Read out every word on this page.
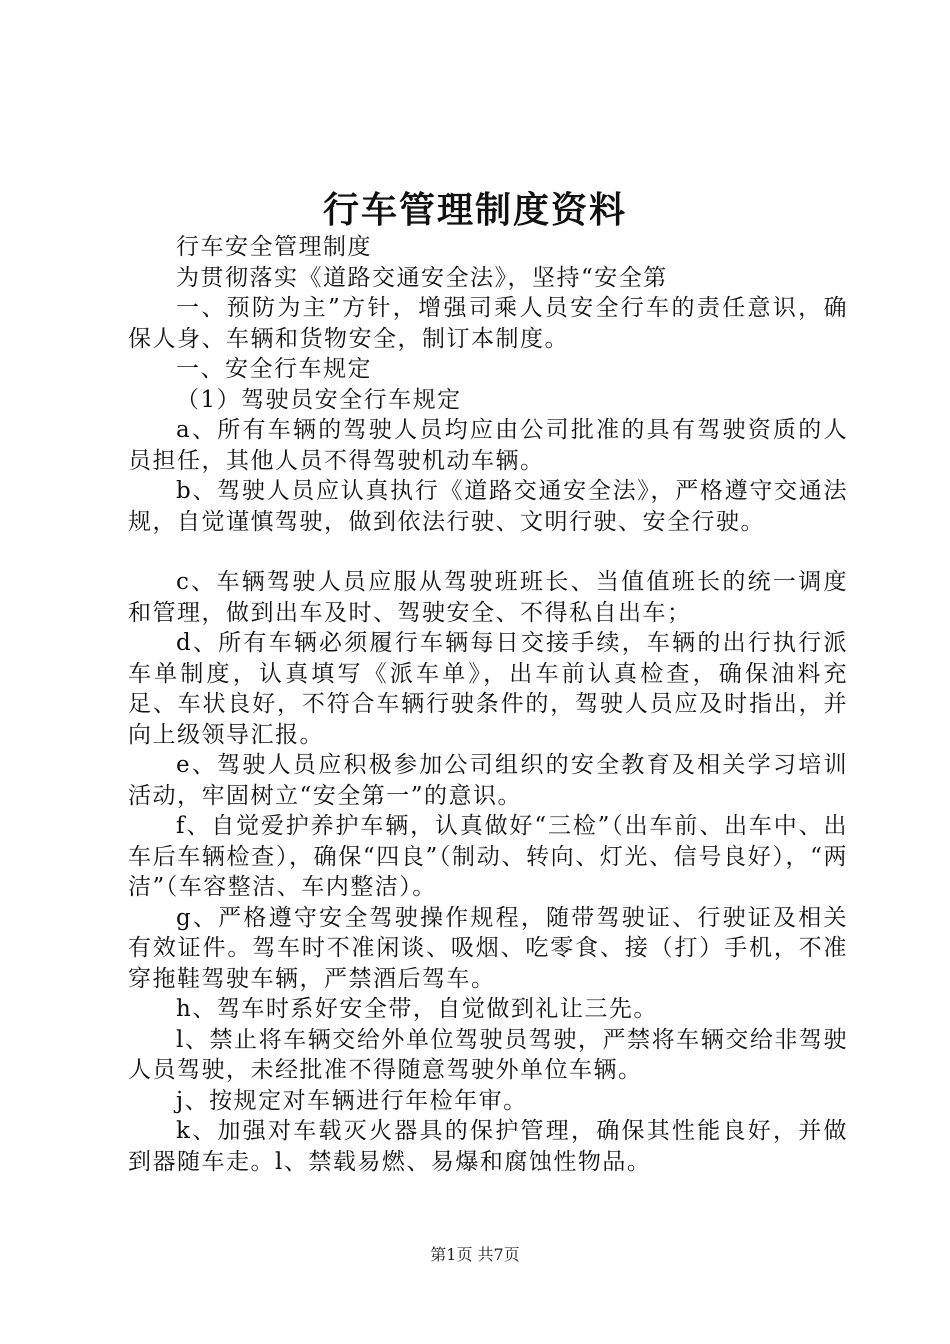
行车管理制度资料

行车安全管理制度

为贯彻落实《道路交通安全法》，坚持“安全第

一、预防为主”方针，增强司乘人员安全行车的责任意识，确保人身、车辆和货物安全，制订本制度。

一、安全行车规定

（1）驾驶员安全行车规定

a、所有车辆的驾驶人员均应由公司批准的具有驾驶资质的人员担任，其他人员不得驾驶机动车辆。

b、驾驶人员应认真执行《道路交通安全法》，严格遵守交通法规，自觉谨慎驾驶，做到依法行驶、文明行驶、安全行驶。

c、车辆驾驶人员应服从驾驶班班长、当值值班长的统一调度和管理，做到出车及时、驾驶安全、不得私自出车；

d、所有车辆必须履行车辆每日交接手续，车辆的出行执行派车单制度，认真填写《派车单》，出车前认真检查，确保油料充足、车状良好，不符合车辆行驶条件的，驾驶人员应及时指出，并向上级领导汇报。

e、驾驶人员应积极参加公司组织的安全教育及相关学习培训活动，牢固树立“安全第一”的意识。

f、自觉爱护养护车辆，认真做好“三检”（出车前、出车中、出车后车辆检查），确保“四良”（制动、转向、灯光、信号良好），“两洁”（车容整洁、车内整洁）。

g、严格遵守安全驾驶操作规程，随带驾驶证、行驶证及相关有效证件。驾车时不准闲谈、吸烟、吃零食、接（打）手机，不准穿拖鞋驾驶车辆，严禁酒后驾车。

h、驾车时系好安全带，自觉做到礼让三先。

l、禁止将车辆交给外单位驾驶员驾驶，严禁将车辆交给非驾驶人员驾驶，未经批准不得随意驾驶外单位车辆。

j、按规定对车辆进行年检年审。

k、加强对车载灭火器具的保护管理，确保其性能良好，并做到器随车走。l、禁载易燃、易爆和腐蚀性物品。

第1页 共7页
